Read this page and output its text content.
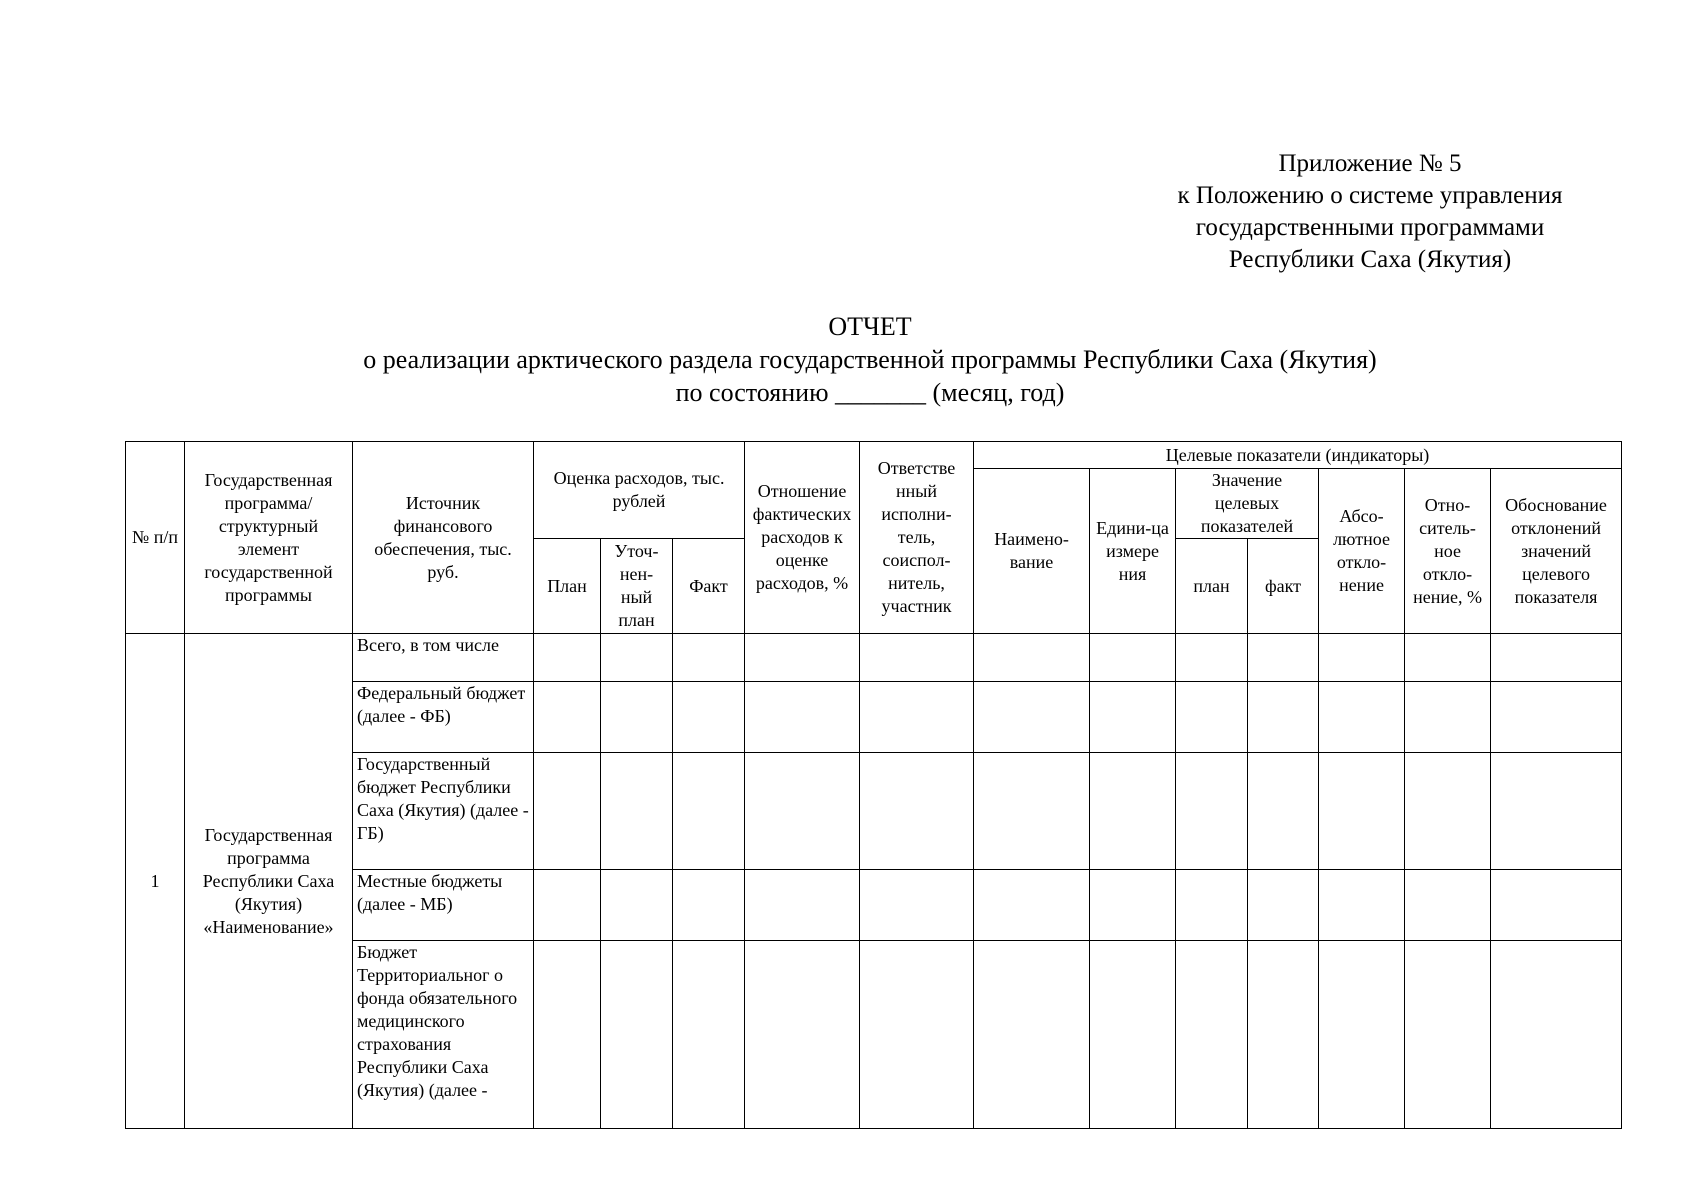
Приложение № 5
к Положению о системе управления
государственными программами
Республики Саха (Якутия)
ОТЧЕТ
о реализации арктического раздела государственной программы Республики Саха (Якутия)
по состоянию _______ (месяц, год)
№ п/п	Государственная программа/ структурный элемент государственной программы	Источник финансового обеспечения, тыс. руб.	Оценка расходов, тыс. рублей			Отношение фактических расходов к оценке расходов, %	Ответстве нный исполни-тель, соиспол-нитель, участник	Целевые показатели (индикаторы)						
								Наимено-вание	Едини-ца измере ния	Значение целевых показателей		Абсо-лютное откло-нение	Отно-ситель-ное откло-нение, %	Обоснование отклонений значений целевого показателя
			План	Уточ-нен-ный план	Факт					план	факт			
1	Государственная программа Республики Саха (Якутия) «Наименование»	Всего, в том числе												
		Федеральный бюджет (далее - ФБ)												
		Государственный бюджет Республики Саха (Якутия) (далее - ГБ)												
		Местные бюджеты (далее - МБ)												
		Бюджет Территориальног о фонда обязательного медицинского страхования Республики Саха (Якутия) (далее -												
